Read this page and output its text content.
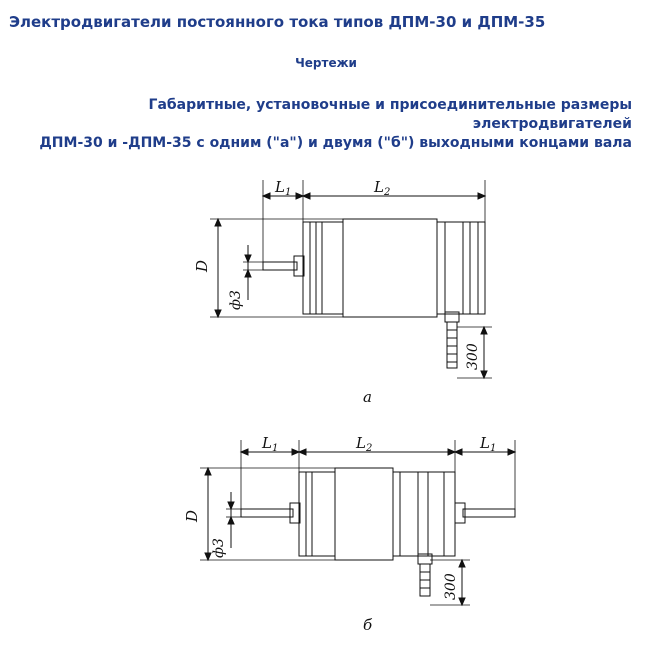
Электродвигатели постоянного тока типов ДПМ-30 и ДПМ-35
Чертежи
Габаритные, установочные и присоединительные размеры электродвигателей
ДПМ-30 и -ДПМ-35 с одним ("а") и двумя ("б") выходными концами вала
$L_1$	$L_2$
D
ф3
300
а
$L_1$	$L_2$	$L_1$
D
ф3
300
б
